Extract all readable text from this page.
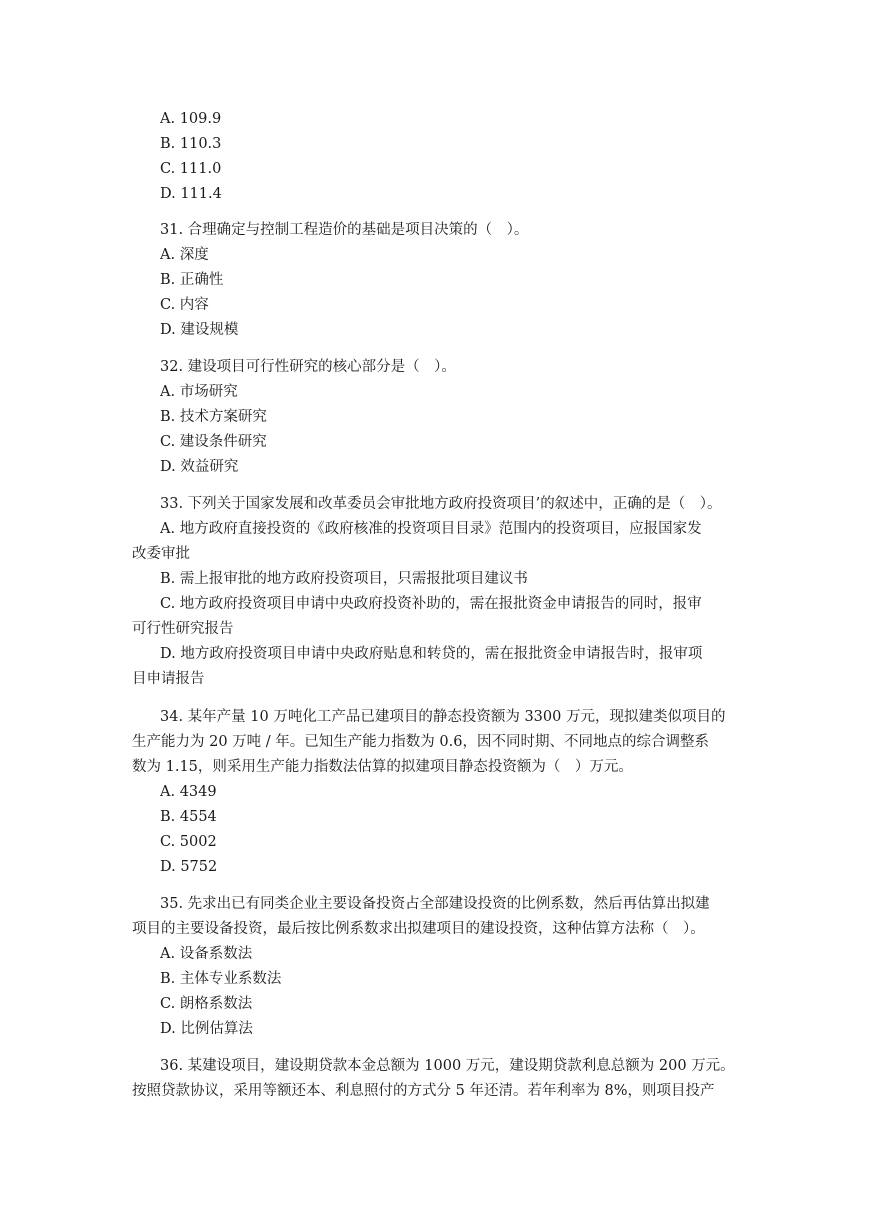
A. 109.9
B. 110.3
C. 111.0
D. 111.4
31. 合理确定与控制工程造价的基础是项目决策的（　）。
A. 深度
B. 正确性
C. 内容
D. 建设规模
32. 建设项目可行性研究的核心部分是（　）。
A. 市场研究
B. 技术方案研究
C. 建设条件研究
D. 效益研究
33. 下列关于国家发展和改革委员会审批地方政府投资项目’的叙述中，正确的是（　）。
A. 地方政府直接投资的《政府核准的投资项目目录》范围内的投资项目，应报国家发
改委审批
B. 需上报审批的地方政府投资项目，只需报批项目建议书
C. 地方政府投资项目申请中央政府投资补助的，需在报批资金申请报告的同时，报审
可行性研究报告
D. 地方政府投资项目申请中央政府贴息和转贷的，需在报批资金申请报告时，报审项
目申请报告
34. 某年产量 10 万吨化工产品已建项目的静态投资额为 3300 万元，现拟建类似项目的
生产能力为 20 万吨 / 年。已知生产能力指数为 0.6，因不同时期、不同地点的综合调整系
数为 1.15，则采用生产能力指数法估算的拟建项目静态投资额为（　）万元。
A. 4349
B. 4554
C. 5002
D. 5752
35. 先求出已有同类企业主要设备投资占全部建设投资的比例系数，然后再估算出拟建
项目的主要设备投资，最后按比例系数求出拟建项目的建设投资，这种估算方法称（　）。
A. 设备系数法
B. 主体专业系数法
C. 朗格系数法
D. 比例估算法
36. 某建设项目，建设期贷款本金总额为 1000 万元，建设期贷款利息总额为 200 万元。
按照贷款协议，采用等额还本、利息照付的方式分 5 年还清。若年利率为 8%，则项目投产
